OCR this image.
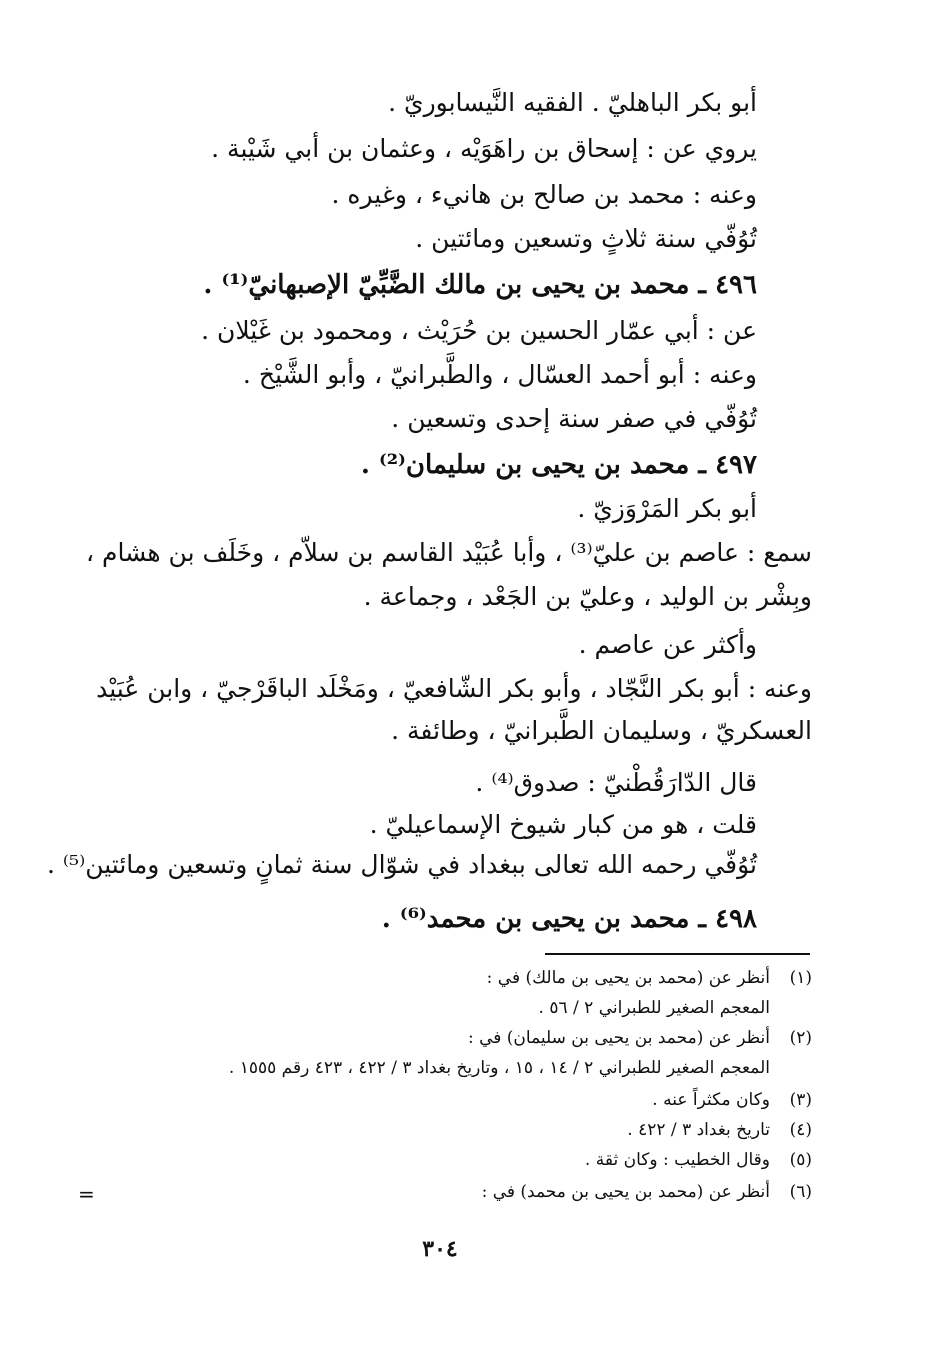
أبو بكر الباهليّ . الفقيه النَّيسابوريّ .
يروي عن : إسحاق بن راهَوَيْه ، وعثمان بن أبي شَيْبة .
وعنه : محمد بن صالح بن هانيء ، وغيره .
تُوُفّي سنة ثلاثٍ وتسعين ومائتين .
٤٩٦ ـ محمد بن يحيى بن مالك الضَّبِّيّ الإصبهانيّ⁽¹⁾ .
عن : أبي عمّار الحسين بن حُرَيْث ، ومحمود بن غَيْلان .
وعنه : أبو أحمد العسّال ، والطَّبرانيّ ، وأبو الشَّيْخ .
تُوُفّي في صفر سنة إحدى وتسعين .
٤٩٧ ـ محمد بن يحيى بن سليمان⁽²⁾ .
أبو بكر المَرْوَزيّ .
سمع : عاصم بن عليّ⁽³⁾ ، وأبا عُبَيْد القاسم بن سلاّم ، وخَلَف بن هشام ،
وبِشْر بن الوليد ، وعليّ بن الجَعْد ، وجماعة .
وأكثر عن عاصم .
وعنه : أبو بكر النَّجّاد ، وأبو بكر الشّافعيّ ، ومَخْلَد الباقَرْجيّ ، وابن عُبَيْد
العسكريّ ، وسليمان الطَّبرانيّ ، وطائفة .
قال الدّارَقُطْنيّ : صدوق⁽⁴⁾ .
قلت ، هو من كبار شيوخ الإسماعيليّ .
تُوُفّي رحمه الله تعالى ببغداد في شوّال سنة ثمانٍ وتسعين ومائتين⁽⁵⁾ .
٤٩٨ ـ محمد بن يحيى بن محمد⁽⁶⁾ .
(١)
أنظر عن (محمد بن يحيى بن مالك) في :
المعجم الصغير للطبراني ٢ / ٥٦ .
(٢)
أنظر عن (محمد بن يحيى بن سليمان) في :
المعجم الصغير للطبراني ٢ / ١٤ ، ١٥ ، وتاريخ بغداد ٣ / ٤٢٢ ، ٤٢٣ رقم ١٥٥٥ .
(٣)
وكان مكثراً عنه .
(٤)
تاريخ بغداد ٣ / ٤٢٢ .
(٥)
وقال الخطيب : وكان ثقة .
(٦)
أنظر عن (محمد بن يحيى بن محمد) في :
=
٣٠٤
